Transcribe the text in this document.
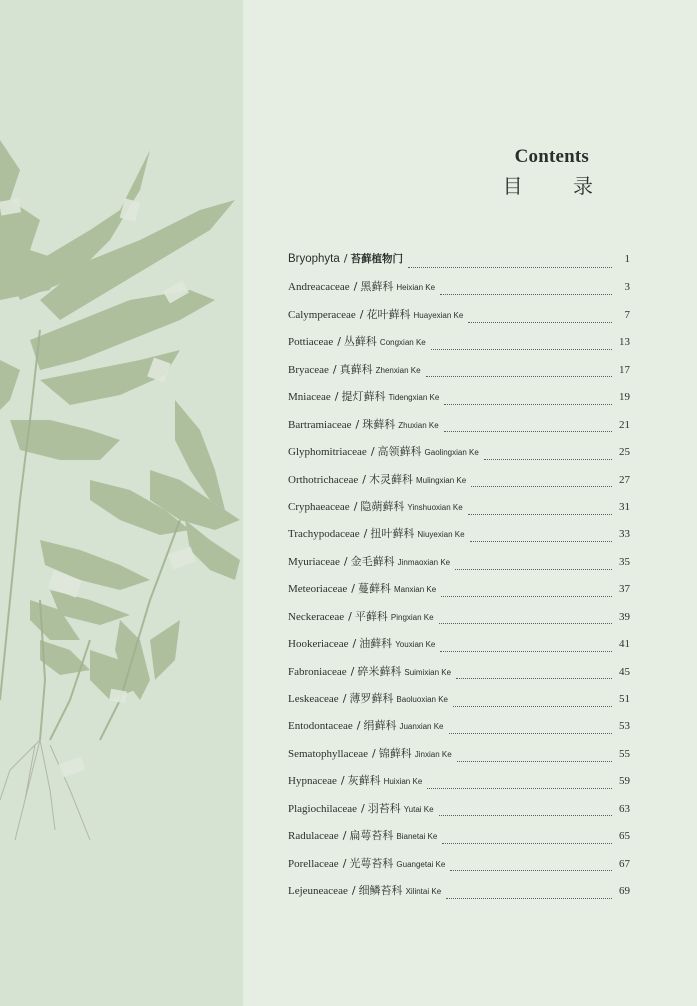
Contents
目 录
Bryophyta / 苔藓植物门	1
Andreacaceae / 黑藓科 Heixian Ke	3
Calymperaceae / 花叶藓科 Huayexian Ke	7
Pottiaceae / 丛藓科 Congxian Ke	13
Bryaceae / 真藓科 Zhenxian Ke	17
Mniaceae / 提灯藓科 Tidengxian Ke	19
Bartramiaceae / 珠藓科 Zhuxian Ke	21
Glyphomitriaceae / 高领藓科 Gaolingxian Ke	25
Orthotrichaceae / 木灵藓科 Mulingxian Ke	27
Cryphaeaceae / 隐蒴藓科 Yinshuoxian Ke	31
Trachypodaceae / 扭叶藓科 Niuyexian Ke	33
Myuriaceae / 金毛藓科 Jinmaoxian Ke	35
Meteoriaceae / 蔓藓科 Manxian Ke	37
Neckeraceae / 平藓科 Pingxian Ke	39
Hookeriaceae / 油藓科 Youxian Ke	41
Fabroniaceae / 碎米藓科 Suimixian Ke	45
Leskeaceae / 薄罗藓科 Baoluoxian Ke	51
Entodontaceae / 绢藓科 Juanxian Ke	53
Sematophyllaceae / 锦藓科 Jinxian Ke	55
Hypnaceae / 灰藓科 Huixian Ke	59
Plagiochilaceae / 羽苔科 Yutai Ke	63
Radulaceae / 扁萼苔科 Bianetai Ke	65
Porellaceae / 光萼苔科 Guangetai Ke	67
Lejeuneaceae / 细鳞苔科 Xilintai Ke	69
